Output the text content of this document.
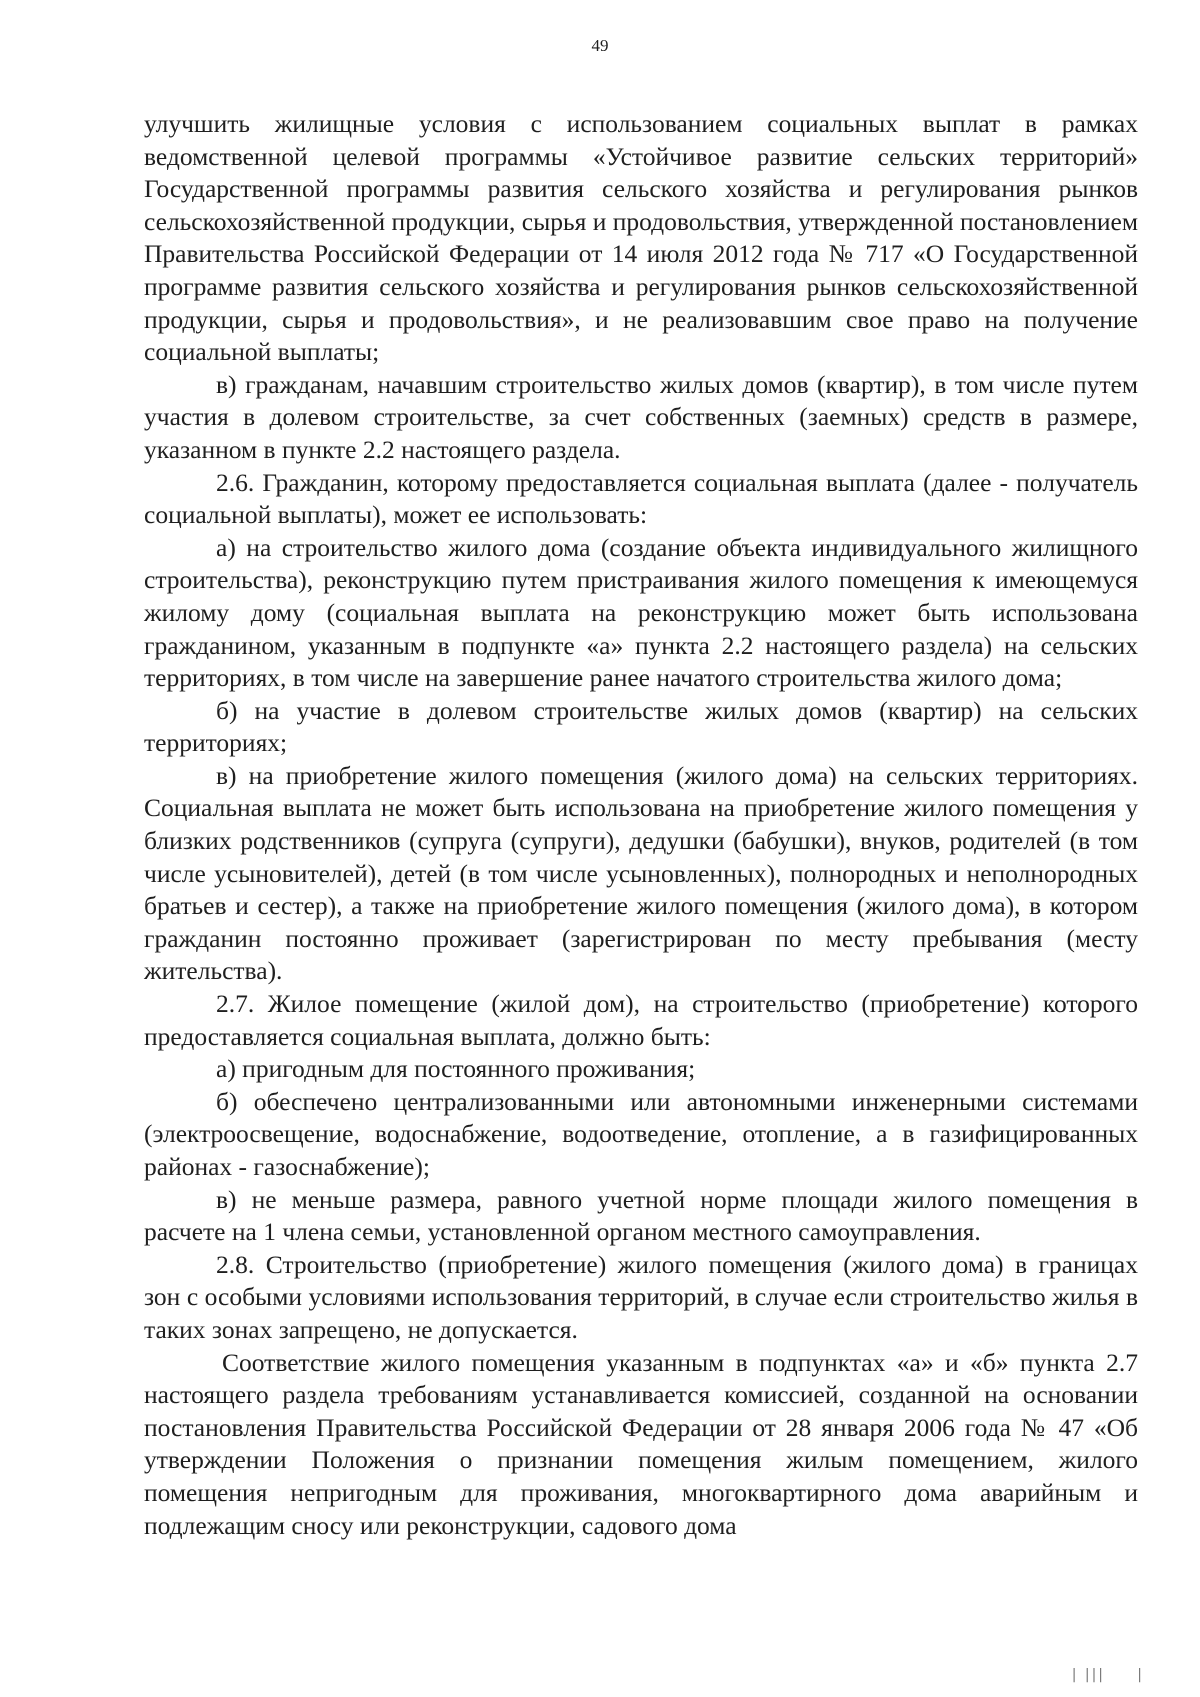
49

улучшить жилищные условия с использованием социальных выплат в рамках ведомственной целевой программы «Устойчивое развитие сельских территорий» Государственной программы развития сельского хозяйства и регулирования рынков сельскохозяйственной продукции, сырья и продовольствия, утвержденной постановлением Правительства Российской Федерации от 14 июля 2012 года № 717 «О Государственной программе развития сельского хозяйства и регулирования рынков сельскохозяйственной продукции, сырья и продовольствия», и не реализовавшим свое право на получение социальной выплаты;

в) гражданам, начавшим строительство жилых домов (квартир), в том числе путем участия в долевом строительстве, за счет собственных (заемных) средств в размере, указанном в пункте 2.2 настоящего раздела.

2.6. Гражданин, которому предоставляется социальная выплата (далее - получатель социальной выплаты), может ее использовать:

а) на строительство жилого дома (создание объекта индивидуального жилищного строительства), реконструкцию путем пристраивания жилого помещения к имеющемуся жилому дому (социальная выплата на реконструкцию может быть использована гражданином, указанным в подпункте «а» пункта 2.2 настоящего раздела) на сельских территориях, в том числе на завершение ранее начатого строительства жилого дома;

б) на участие в долевом строительстве жилых домов (квартир) на сельских территориях;

в) на приобретение жилого помещения (жилого дома) на сельских территориях. Социальная выплата не может быть использована на приобретение жилого помещения у близких родственников (супруга (супруги), дедушки (бабушки), внуков, родителей (в том числе усыновителей), детей (в том числе усыновленных), полнородных и неполнородных братьев и сестер), а также на приобретение жилого помещения (жилого дома), в котором гражданин постоянно проживает (зарегистрирован по месту пребывания (месту жительства).

2.7. Жилое помещение (жилой дом), на строительство (приобретение) которого предоставляется социальная выплата, должно быть:

а) пригодным для постоянного проживания;

б) обеспечено централизованными или автономными инженерными системами (электроосвещение, водоснабжение, водоотведение, отопление, а в газифицированных районах - газоснабжение);

в) не меньше размера, равного учетной норме площади жилого помещения в расчете на 1 члена семьи, установленной органом местного самоуправления.

2.8. Строительство (приобретение) жилого помещения (жилого дома) в границах зон с особыми условиями использования территорий, в случае если строительство жилья в таких зонах запрещено, не допускается.

Соответствие жилого помещения указанным в подпунктах «а» и «б» пункта 2.7 настоящего раздела требованиям устанавливается комиссией, созданной на основании постановления Правительства Российской Федерации от 28 января 2006 года № 47 «Об утверждении Положения о признании помещения жилым помещением, жилого помещения непригодным для проживания, многоквартирного дома аварийным и подлежащим сносу или реконструкции, садового дома

| |||     |
